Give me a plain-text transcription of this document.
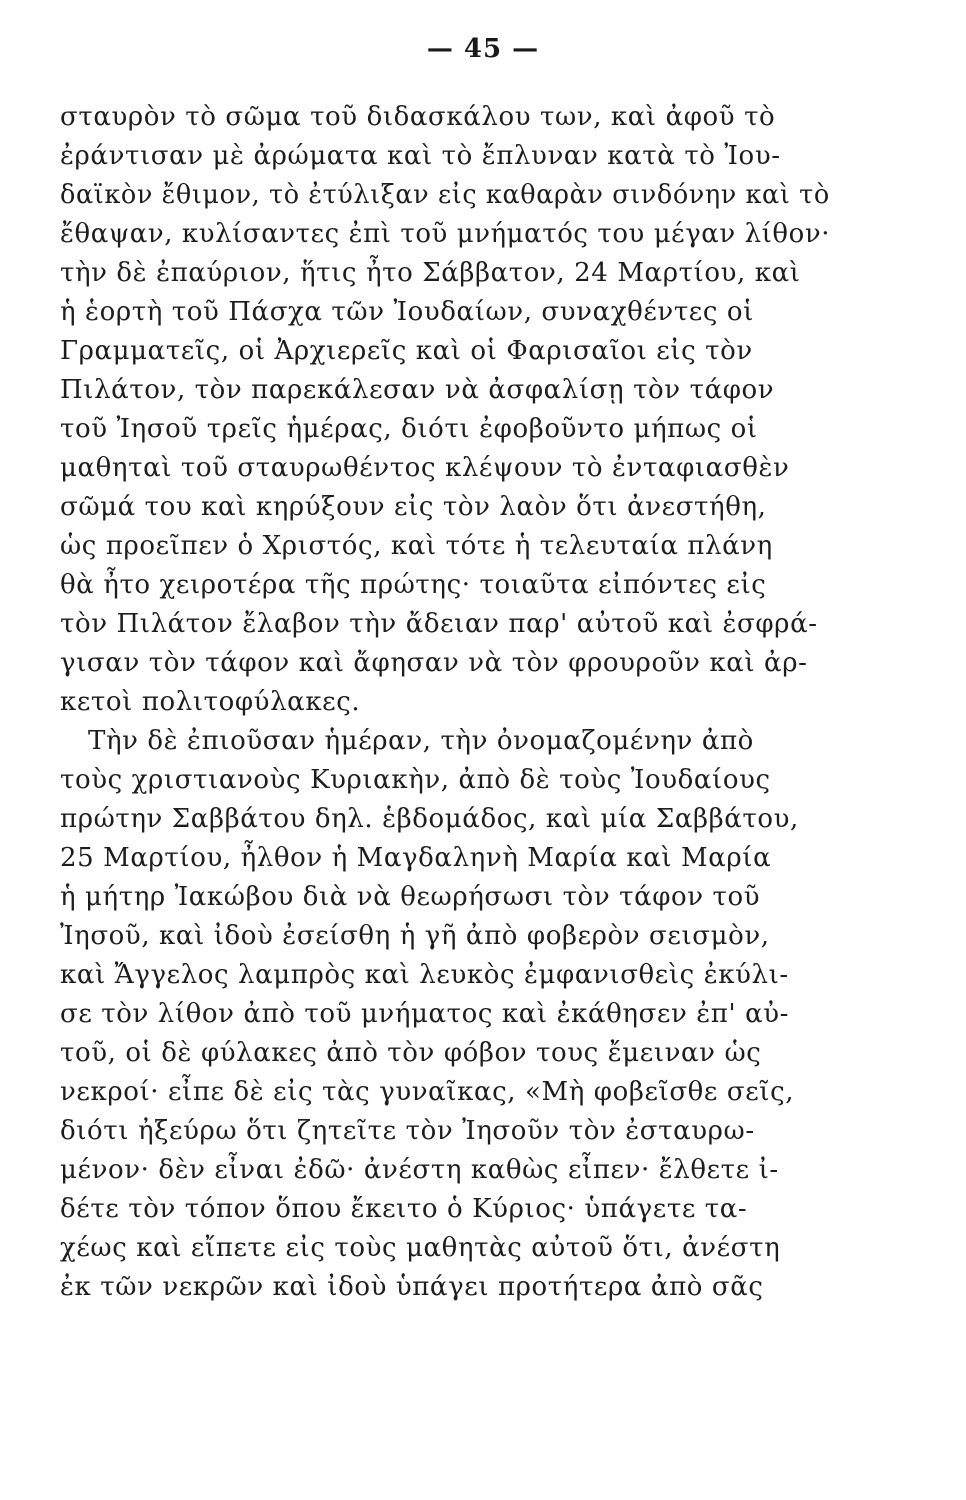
— 45 —
σταυρὸν τὸ σῶμα τοῦ διδασκάλου των, καὶ ἀφοῦ τὸ
ἐράντισαν μὲ ἀρώματα καὶ τὸ ἔπλυναν κατὰ τὸ Ἰου-
δαϊκὸν ἔθιμον, τὸ ἐτύλιξαν εἰς καθαρὰν σινδόνην καὶ τὸ
ἔθαψαν, κυλίσαντες ἐπὶ τοῦ μνήματός του μέγαν λίθον·
τὴν δὲ ἐπαύριον, ἥτις ἦτο Σάββατον, 24 Μαρτίου, καὶ
ἡ ἑορτὴ τοῦ Πάσχα τῶν Ἰουδαίων, συναχθέντες οἱ
Γραμματεῖς, οἱ Ἀρχιερεῖς καὶ οἱ Φαρισαῖοι εἰς τὸν
Πιλάτον, τὸν παρεκάλεσαν νὰ ἀσφαλίσῃ τὸν τάφον
τοῦ Ἰησοῦ τρεῖς ἡμέρας, διότι ἐφοβοῦντο μήπως οἱ
μαθηταὶ τοῦ σταυρωθέντος κλέψουν τὸ ἐνταφιασθὲν
σῶμά του καὶ κηρύξουν εἰς τὸν λαὸν ὅτι ἀνεστήθη,
ὡς προεῖπεν ὁ Χριστός, καὶ τότε ἡ τελευταία πλάνη
θὰ ἦτο χειροτέρα τῆς πρώτης· τοιαῦτα εἰπόντες εἰς
τὸν Πιλάτον ἔλαβον τὴν ἄδειαν παρ' αὐτοῦ καὶ ἐσφρά-
γισαν τὸν τάφον καὶ ἄφησαν νὰ τὸν φρουροῦν καὶ ἀρ-
κετοὶ πολιτοφύλακες.
Τὴν δὲ ἐπιοῦσαν ἡμέραν, τὴν ὀνομαζομένην ἀπὸ
τοὺς χριστιανοὺς Κυριακὴν, ἀπὸ δὲ τοὺς Ἰουδαίους
πρώτην Σαββάτου δηλ. ἑβδομάδος, καὶ μία Σαββάτου,
25 Μαρτίου, ἦλθον ἡ Μαγδαληνὴ Μαρία καὶ Μαρία
ἡ μήτηρ Ἰακώβου διὰ νὰ θεωρήσωσι τὸν τάφον τοῦ
Ἰησοῦ, καὶ ἰδοὺ ἐσείσθη ἡ γῆ ἀπὸ φοβερὸν σεισμὸν,
καὶ Ἄγγελος λαμπρὸς καὶ λευκὸς ἐμφανισθεὶς ἐκύλι-
σε τὸν λίθον ἀπὸ τοῦ μνήματος καὶ ἐκάθησεν ἐπ' αὐ-
τοῦ, οἱ δὲ φύλακες ἀπὸ τὸν φόβον τους ἔμειναν ὡς
νεκροί· εἶπε δὲ εἰς τὰς γυναῖκας, «Μὴ φοβεῖσθε σεῖς,
διότι ἠξεύρω ὅτι ζητεῖτε τὸν Ἰησοῦν τὸν ἐσταυρω-
μένον· δὲν εἶναι ἐδῶ· ἀνέστη καθὼς εἶπεν· ἔλθετε ἰ-
δέτε τὸν τόπον ὅπου ἔκειτο ὁ Κύριος· ὑπάγετε τα-
χέως καὶ εἴπετε εἰς τοὺς μαθητὰς αὐτοῦ ὅτι, ἀνέστη
ἐκ τῶν νεκρῶν καὶ ἰδοὺ ὑπάγει προτήτερα ἀπὸ σᾶς
